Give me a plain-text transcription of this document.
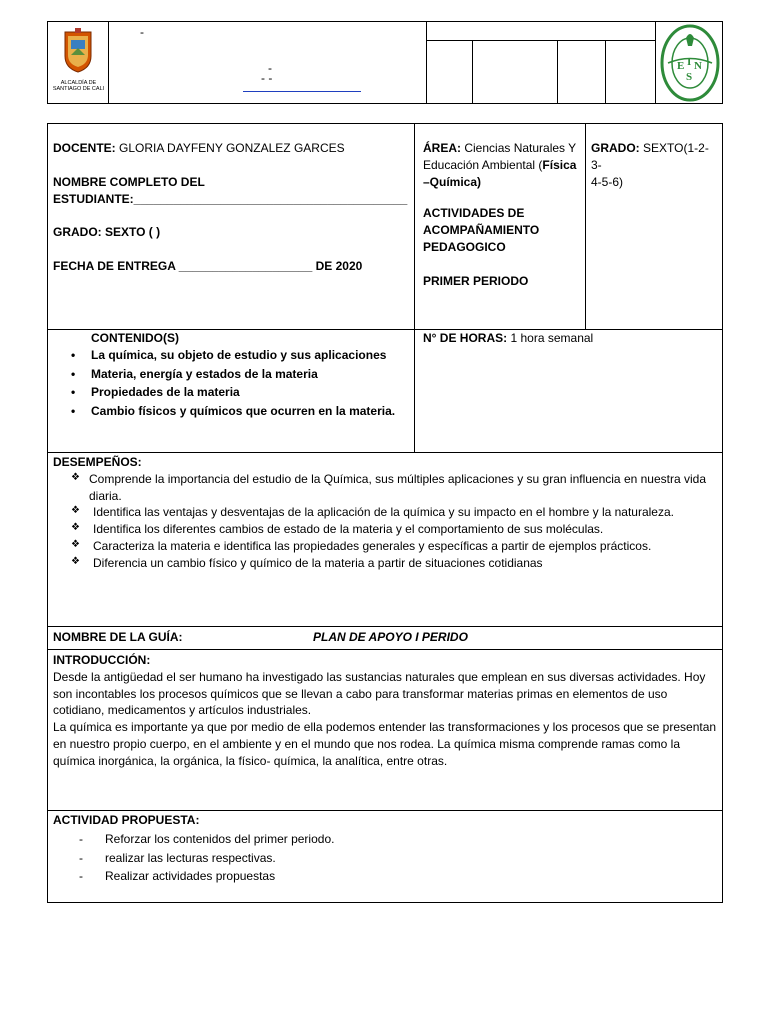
ALCALDÍA DE
SANTIAGO DE CALI
-
-
- -
E I N
S
DOCENTE: GLORIA DAYFENY GONZALEZ GARCES
NOMBRE COMPLETO DEL
ESTUDIANTE:_________________________________________
GRADO: SEXTO ( )
FECHA DE ENTREGA ____________________ DE 2020
ÁREA: Ciencias Naturales Y
Educación Ambiental (Física
–Química)
ACTIVIDADES DE
ACOMPAÑAMIENTO
PEDAGOGICO
PRIMER PERIODO
GRADO: SEXTO(1-2-3-
4-5-6)
CONTENIDO(S)
• La química, su objeto de estudio y sus aplicaciones
• Materia, energía y estados de la materia
• Propiedades de la materia
• Cambio físicos y químicos que ocurren en la materia.
N° DE HORAS: 1 hora semanal
DESEMPEÑOS:
❖ Comprende la importancia del estudio de la Química, sus múltiples aplicaciones y su gran influencia en nuestra vida diaria.
❖ Identifica las ventajas y desventajas de la aplicación de la química y su impacto en el hombre y la naturaleza.
❖ Identifica los diferentes cambios de estado de la materia y el comportamiento de sus moléculas.
❖ Caracteriza la materia e identifica las propiedades generales y específicas a partir de ejemplos prácticos.
❖ Diferencia un cambio físico y químico de la materia a partir de situaciones cotidianas
NOMBRE DE LA GUÍA:	PLAN DE APOYO I PERIDO
INTRODUCCIÓN:
Desde la antigüedad el ser humano ha investigado las sustancias naturales que emplean en sus diversas actividades. Hoy son incontables los procesos químicos que se llevan a cabo para transformar materias primas en elementos de uso cotidiano, medicamentos y artículos industriales.
La química es importante ya que por medio de ella podemos entender las transformaciones y los procesos que se presentan en nuestro propio cuerpo, en el ambiente y en el mundo que nos rodea. La química misma comprende ramas como la química inorgánica, la orgánica, la físico- química, la analítica, entre otras.
ACTIVIDAD PROPUESTA:
- Reforzar los contenidos del primer periodo.
- realizar las lecturas respectivas.
- Realizar actividades propuestas
